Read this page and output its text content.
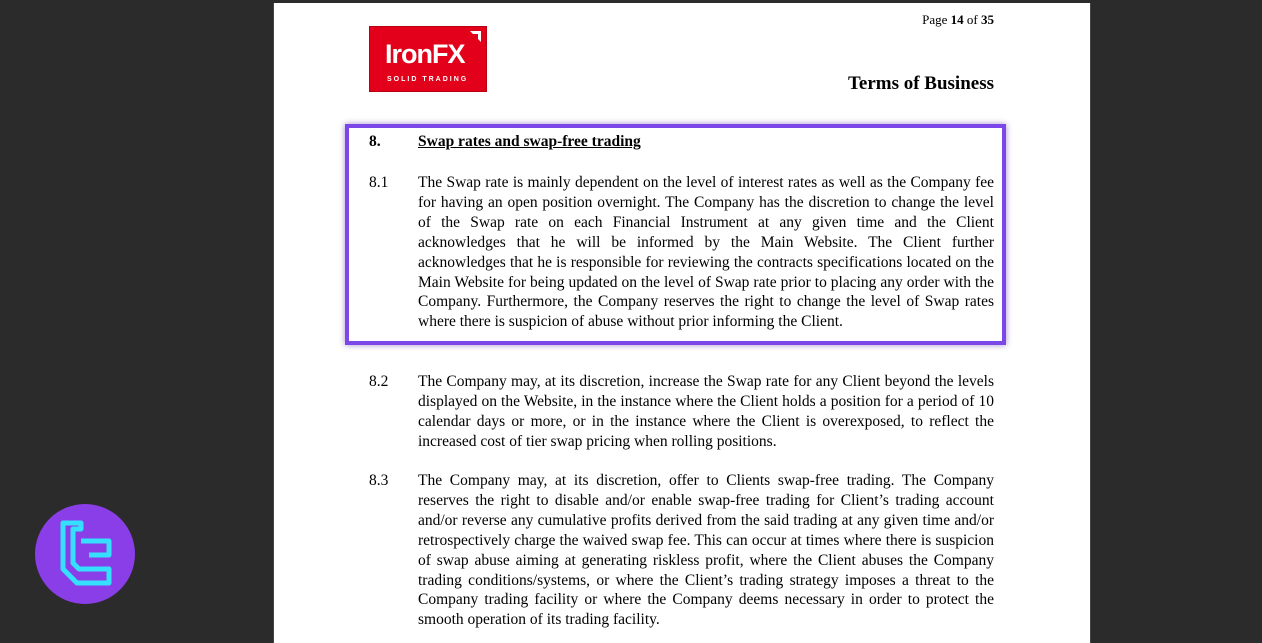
Page 14 of 35
IronFX
SOLID TRADING	Terms of Business
8. Swap rates and swap-free trading
8.1 The Swap rate is mainly dependent on the level of interest rates as well as the Company fee for having an open position overnight. The Company has the discretion to change the level of the Swap rate on each Financial Instrument at any given time and the Client acknowledges that he will be informed by the Main Website. The Client further acknowledges that he is responsible for reviewing the contracts specifications located on the Main Website for being updated on the level of Swap rate prior to placing any order with the Company. Furthermore, the Company reserves the right to change the level of Swap rates where there is suspicion of abuse without prior informing the Client.
8.2 The Company may, at its discretion, increase the Swap rate for any Client beyond the levels displayed on the Website, in the instance where the Client holds a position for a period of 10 calendar days or more, or in the instance where the Client is overexposed, to reflect the increased cost of tier swap pricing when rolling positions.
8.3 The Company may, at its discretion, offer to Clients swap-free trading. The Company reserves the right to disable and/or enable swap-free trading for Client’s trading account and/or reverse any cumulative profits derived from the said trading at any given time and/or retrospectively charge the waived swap fee. This can occur at times where there is suspicion of swap abuse aiming at generating riskless profit, where the Client abuses the Company trading conditions/systems, or where the Client’s trading strategy imposes a threat to the Company trading facility or where the Company deems necessary in order to protect the smooth operation of its trading facility.
